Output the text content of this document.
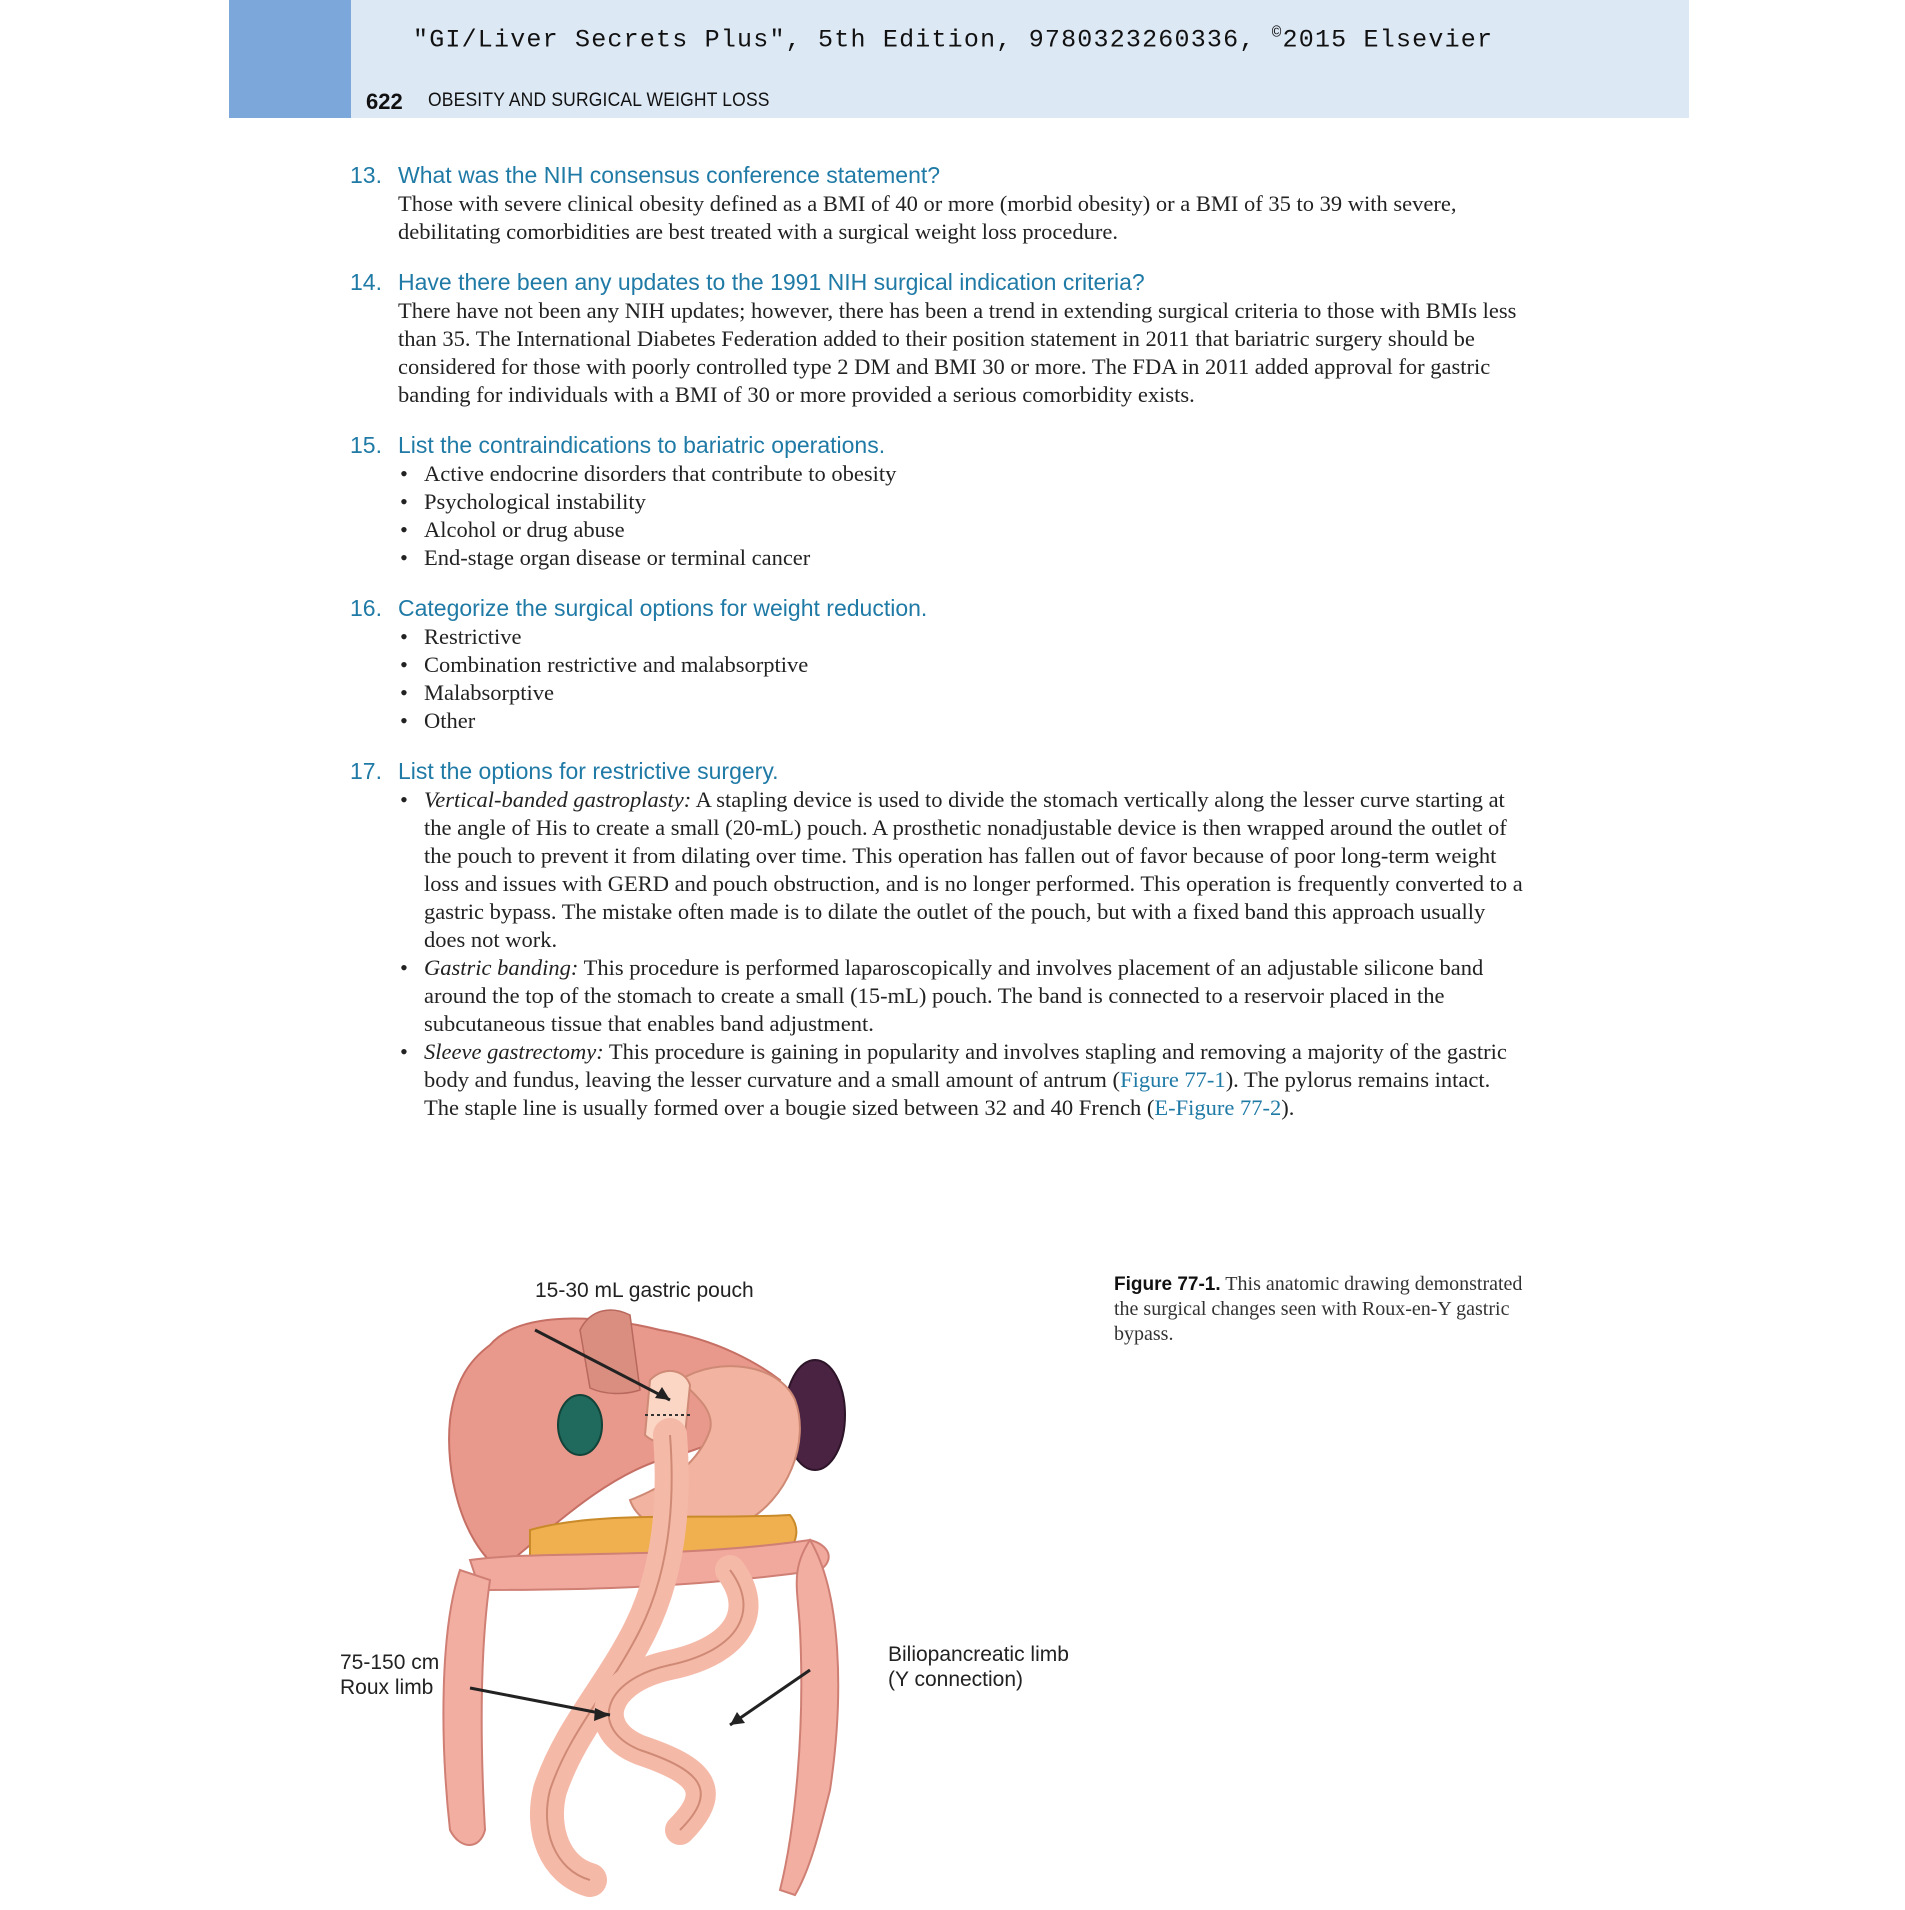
"GI/Liver Secrets Plus", 5th Edition, 9780323260336, ©2015 Elsevier
622 OBESITY AND SURGICAL WEIGHT LOSS
13. What was the NIH consensus conference statement?
Those with severe clinical obesity defined as a BMI of 40 or more (morbid obesity) or a BMI of 35 to 39 with severe, debilitating comorbidities are best treated with a surgical weight loss procedure.
14. Have there been any updates to the 1991 NIH surgical indication criteria?
There have not been any NIH updates; however, there has been a trend in extending surgical criteria to those with BMIs less than 35. The International Diabetes Federation added to their position statement in 2011 that bariatric surgery should be considered for those with poorly controlled type 2 DM and BMI 30 or more. The FDA in 2011 added approval for gastric banding for individuals with a BMI of 30 or more provided a serious comorbidity exists.
15. List the contraindications to bariatric operations.
• Active endocrine disorders that contribute to obesity
• Psychological instability
• Alcohol or drug abuse
• End-stage organ disease or terminal cancer
16. Categorize the surgical options for weight reduction.
• Restrictive
• Combination restrictive and malabsorptive
• Malabsorptive
• Other
17. List the options for restrictive surgery.
• Vertical-banded gastroplasty: A stapling device is used to divide the stomach vertically along the lesser curve starting at the angle of His to create a small (20-mL) pouch. A prosthetic nonadjustable device is then wrapped around the outlet of the pouch to prevent it from dilating over time. This operation has fallen out of favor because of poor long-term weight loss and issues with GERD and pouch obstruction, and is no longer performed. This operation is frequently converted to a gastric bypass. The mistake often made is to dilate the outlet of the pouch, but with a fixed band this approach usually does not work.
• Gastric banding: This procedure is performed laparoscopically and involves placement of an adjustable silicone band around the top of the stomach to create a small (15-mL) pouch. The band is connected to a reservoir placed in the subcutaneous tissue that enables band adjustment.
• Sleeve gastrectomy: This procedure is gaining in popularity and involves stapling and removing a majority of the gastric body and fundus, leaving the lesser curvature and a small amount of antrum (Figure 77-1). The pylorus remains intact. The staple line is usually formed over a bougie sized between 32 and 40 French (E-Figure 77-2).
15-30 mL gastric pouch
75-150 cm
Roux limb
Biliopancreatic limb
(Y connection)
Figure 77-1. This anatomic drawing demonstrated the surgical changes seen with Roux-en-Y gastric bypass.
